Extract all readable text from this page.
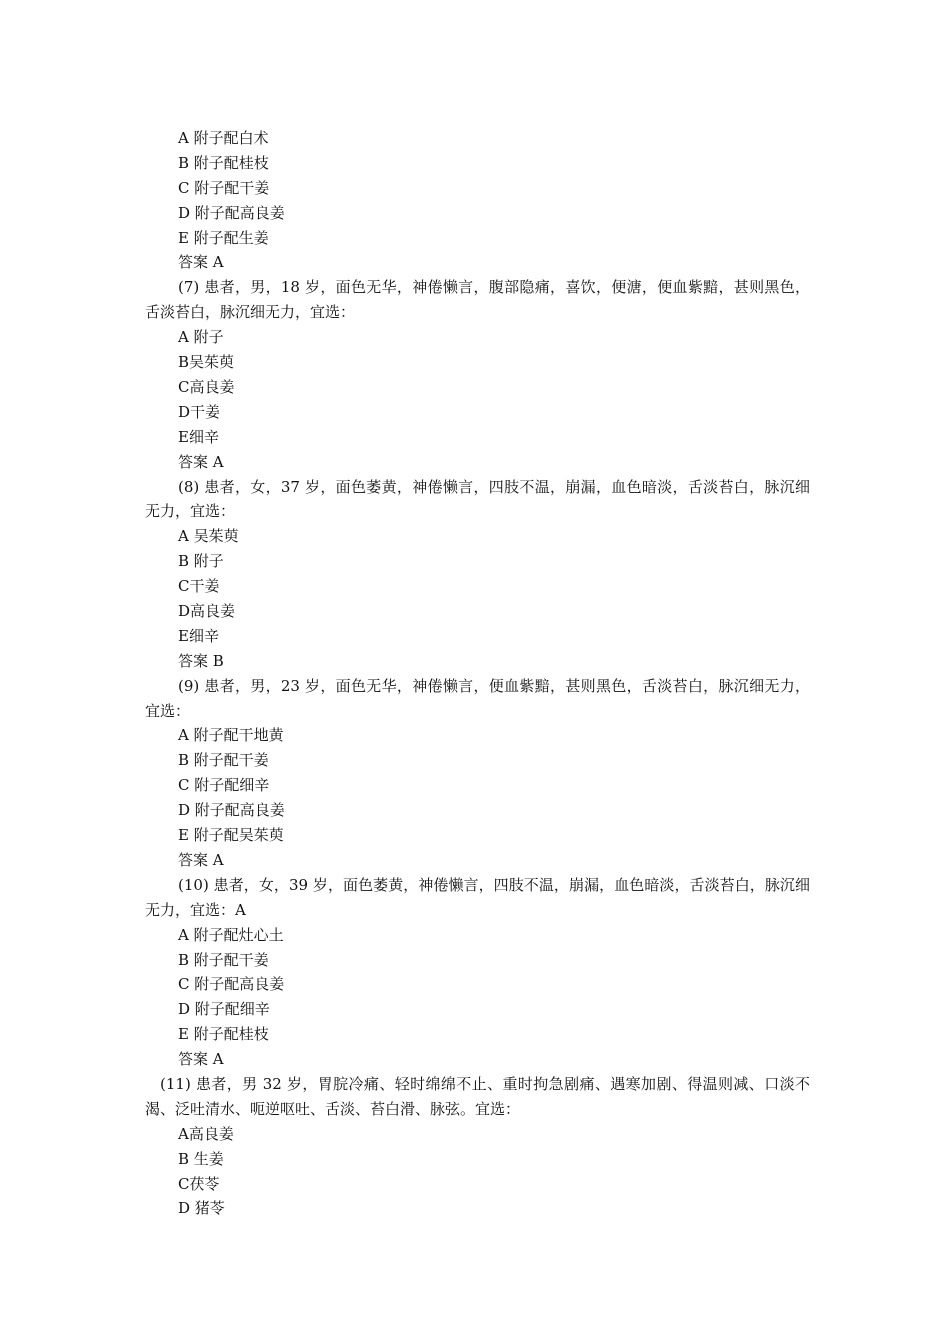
A 附子配白术
B 附子配桂枝
C 附子配干姜
D 附子配高良姜
E 附子配生姜
答案 A
(7) 患者，男，18 岁，面色无华，神倦懒言，腹部隐痛，喜饮，便溏，便血紫黯，甚则黑色，舌淡苔白，脉沉细无力，宜选：
A 附子
B吴茱萸
C高良姜
D干姜
E细辛
答案 A
(8) 患者，女，37 岁，面色萎黄，神倦懒言，四肢不温，崩漏，血色暗淡，舌淡苔白，脉沉细无力，宜选：
A 吴茱萸
B 附子
C干姜
D高良姜
E细辛
答案 B
(9) 患者，男，23 岁，面色无华，神倦懒言，便血紫黯，甚则黑色，舌淡苔白，脉沉细无力，宜选：
A 附子配干地黄
B 附子配干姜
C 附子配细辛
D 附子配高良姜
E 附子配吴茱萸
答案 A
(10) 患者，女，39 岁，面色萎黄，神倦懒言，四肢不温，崩漏，血色暗淡，舌淡苔白，脉沉细无力，宜选：A
A 附子配灶心土
B 附子配干姜
C 附子配高良姜
D 附子配细辛
E 附子配桂枝
答案 A
(11) 患者，男 32 岁，胃脘冷痛、轻时绵绵不止、重时拘急剧痛、遇寒加剧、得温则减、口淡不渴、泛吐清水、呃逆呕吐、舌淡、苔白滑、脉弦。宜选：
A高良姜
B 生姜
C茯苓
D 猪苓
